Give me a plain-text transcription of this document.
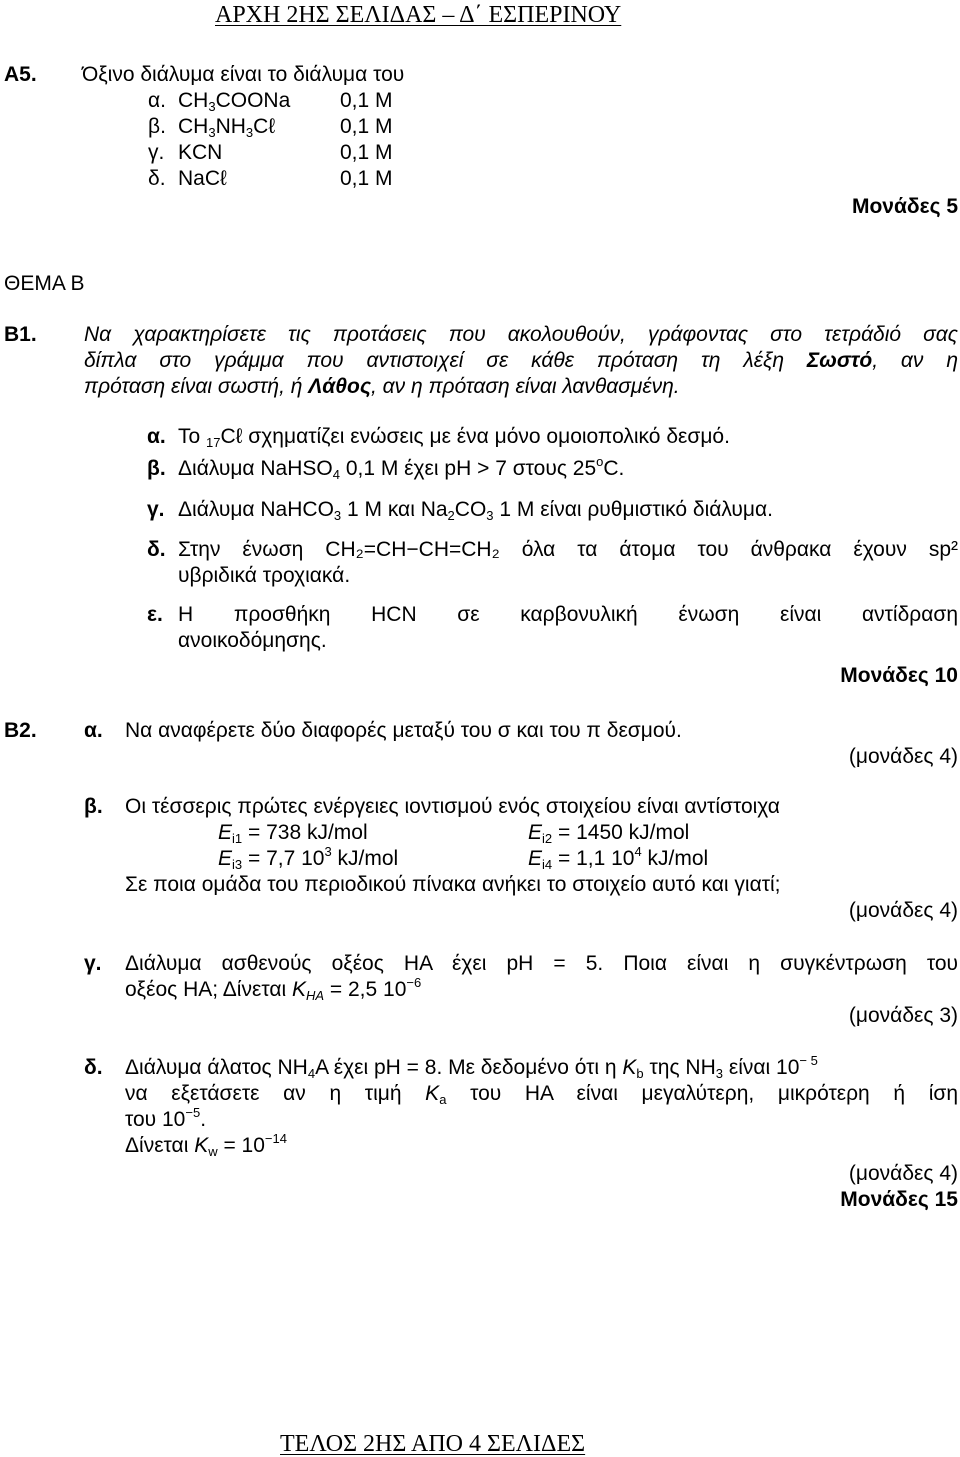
ΑΡΧΗ 2ΗΣ ΣΕΛΙΔΑΣ – Δ΄ ΕΣΠΕΡΙΝΟΥ
Α5. Όξινο διάλυμα είναι το διάλυμα του
α. $CH_3COONa$ 0,1 M
β. $CH_3NH_3C\ell$	0,1 M
γ. KCN	0,1 M
δ. NaCℓ	0,1 M
Μονάδες 5
ΘΕΜΑ Β
Β1. Να χαρακτηρίσετε τις προτάσεις που ακολουθούν, γράφοντας στο τετράδιό σας
δίπλα στο γράμμα που αντιστοιχεί σε κάθε πρόταση τη λέξη Σωστό, αν η
πρόταση είναι σωστή, ή Λάθος, αν η πρόταση είναι λανθασμένη.
α. Το $_{17}$Cℓ σχηματίζει ενώσεις με ένα μόνο ομοιοπολικό δεσμό.
β. Διάλυμα NaHSO$_4$ 0,1 M έχει pH > 7 στους 25$^o$C.
γ. Διάλυμα NaHCO$_3$ 1 M και $Na_2CO_3$ 1 M είναι ρυθμιστικό διάλυμα.
δ. Στην ένωση CH₂=CH−CH=CH₂ όλα τα άτομα του άνθρακα έχουν sp²
υβριδικά τροχιακά.
ε. Η προσθήκη HCN σε καρβονυλική ένωση είναι αντίδραση
ανοικοδόμησης.
Μονάδες 10
Β2. α. Να αναφέρετε δύο διαφορές μεταξύ του σ και του π δεσμού.
(μονάδες 4)
β. Οι τέσσερις πρώτες ενέργειες ιοντισμού ενός στοιχείου είναι αντίστοιχα
$E_{i1} = 738$ kJ/mol	$E_{i2} = 1450$ kJ/mol
$E_{i3} = 7,7$ $10^3$ kJ/mol	$E_{i4} = 1,1$ $10^4$ kJ/mol
Σε ποια ομάδα του περιοδικού πίνακα ανήκει το στοιχείο αυτό και γιατί;
(μονάδες 4)
γ. Διάλυμα ασθενούς οξέος ΗΑ έχει pH = 5. Ποια είναι η συγκέντρωση του
οξέος ΗΑ; Δίνεται $K_{HA} = 2,5$ $10^{-6}$
(μονάδες 3)
δ. Διάλυμα άλατος $NH_4A$ έχει pH = 8. Με δεδομένο ότι η $K_b$ της $NH_3$ είναι $10^{- 5}$
να εξετάσετε αν η τιμή $K_a$ του ΗΑ είναι μεγαλύτερη, μικρότερη ή ίση
του $10^{-5}$.
Δίνεται $K_w = 10^{-14}$
(μονάδες 4)
Μονάδες 15
ΤΕΛΟΣ 2ΗΣ ΑΠΟ 4 ΣΕΛΙΔΕΣ
